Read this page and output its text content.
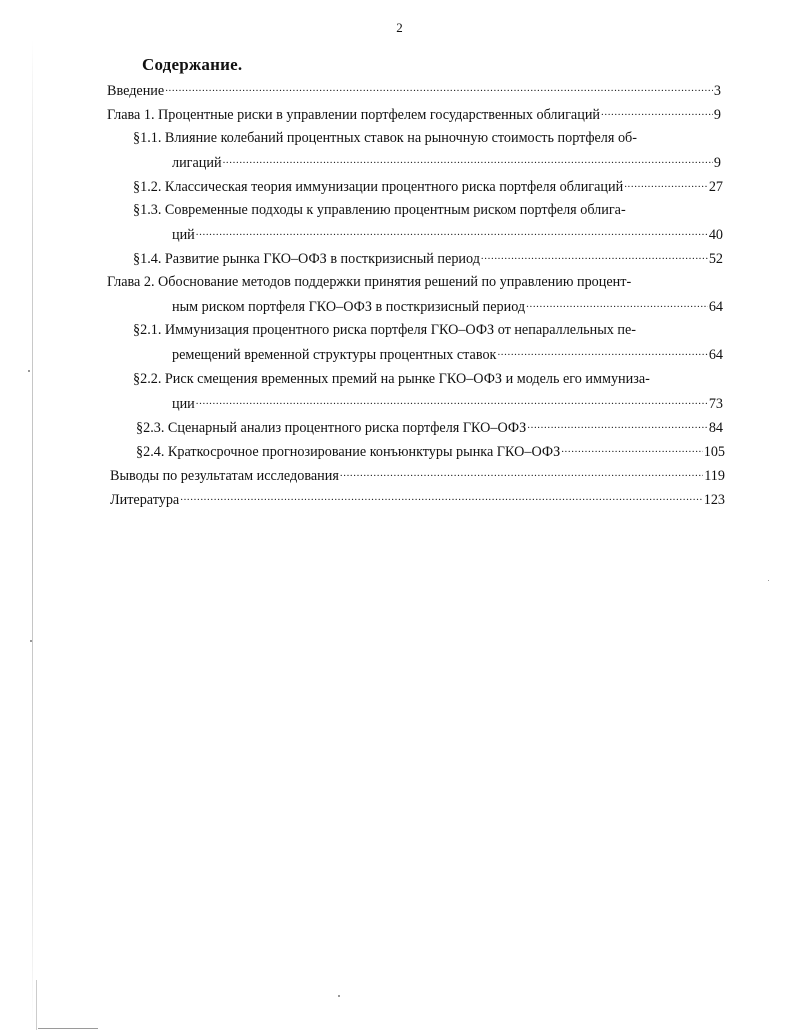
2
Содержание.
Введение .....	3
Глава 1. Процентные риски в управлении портфелем государственных облигаций .....	9
§1.1. Влияние колебаний процентных ставок на рыночную стоимость портфеля об-
лигаций .....	9
§1.2. Классическая теория иммунизации процентного риска портфеля облигаций .....	27
§1.3. Современные подходы к управлению процентным риском портфеля облига-
ций .....	40
§1.4. Развитие рынка ГКО–ОФЗ в посткризисный период .....	52
Глава 2. Обоснование методов поддержки принятия решений по управлению процент-
ным риском портфеля ГКО–ОФЗ в посткризисный период .....	64
§2.1. Иммунизация процентного риска портфеля ГКО–ОФЗ от непараллельных пе-
ремещений временной структуры процентных ставок .....	64
§2.2. Риск смещения временных премий на рынке ГКО–ОФЗ и модель его иммуниза-
ции .....	73
§2.3. Сценарный анализ процентного риска портфеля ГКО–ОФЗ .....	84
§2.4. Краткосрочное прогнозирование конъюнктуры рынка ГКО–ОФЗ .....	105
Выводы по результатам исследования .....	119
Литература .....	123
